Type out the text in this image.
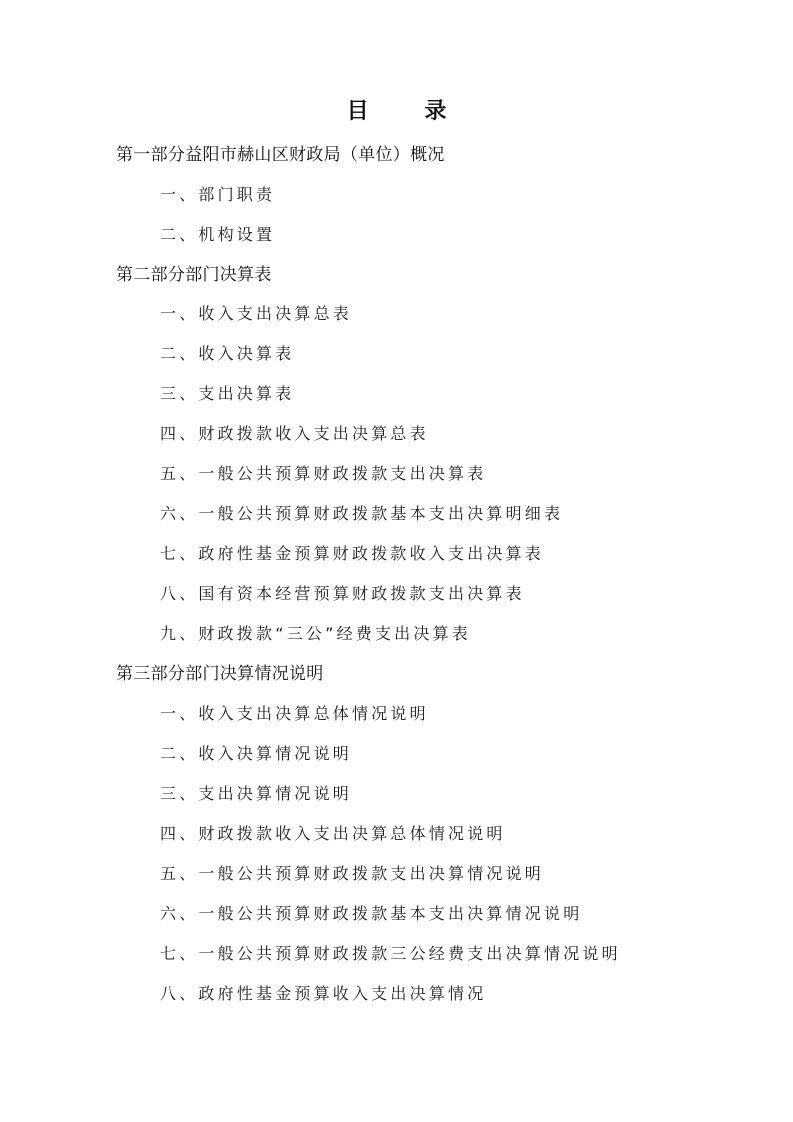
目 录
第一部分益阳市赫山区财政局（单位）概况
一、部门职责
二、机构设置
第二部分部门决算表
一、收入支出决算总表
二、收入决算表
三、支出决算表
四、财政拨款收入支出决算总表
五、一般公共预算财政拨款支出决算表
六、一般公共预算财政拨款基本支出决算明细表
七、政府性基金预算财政拨款收入支出决算表
八、国有资本经营预算财政拨款支出决算表
九、财政拨款“三公”经费支出决算表
第三部分部门决算情况说明
一、收入支出决算总体情况说明
二、收入决算情况说明
三、支出决算情况说明
四、财政拨款收入支出决算总体情况说明
五、一般公共预算财政拨款支出决算情况说明
六、一般公共预算财政拨款基本支出决算情况说明
七、一般公共预算财政拨款三公经费支出决算情况说明
八、政府性基金预算收入支出决算情况
